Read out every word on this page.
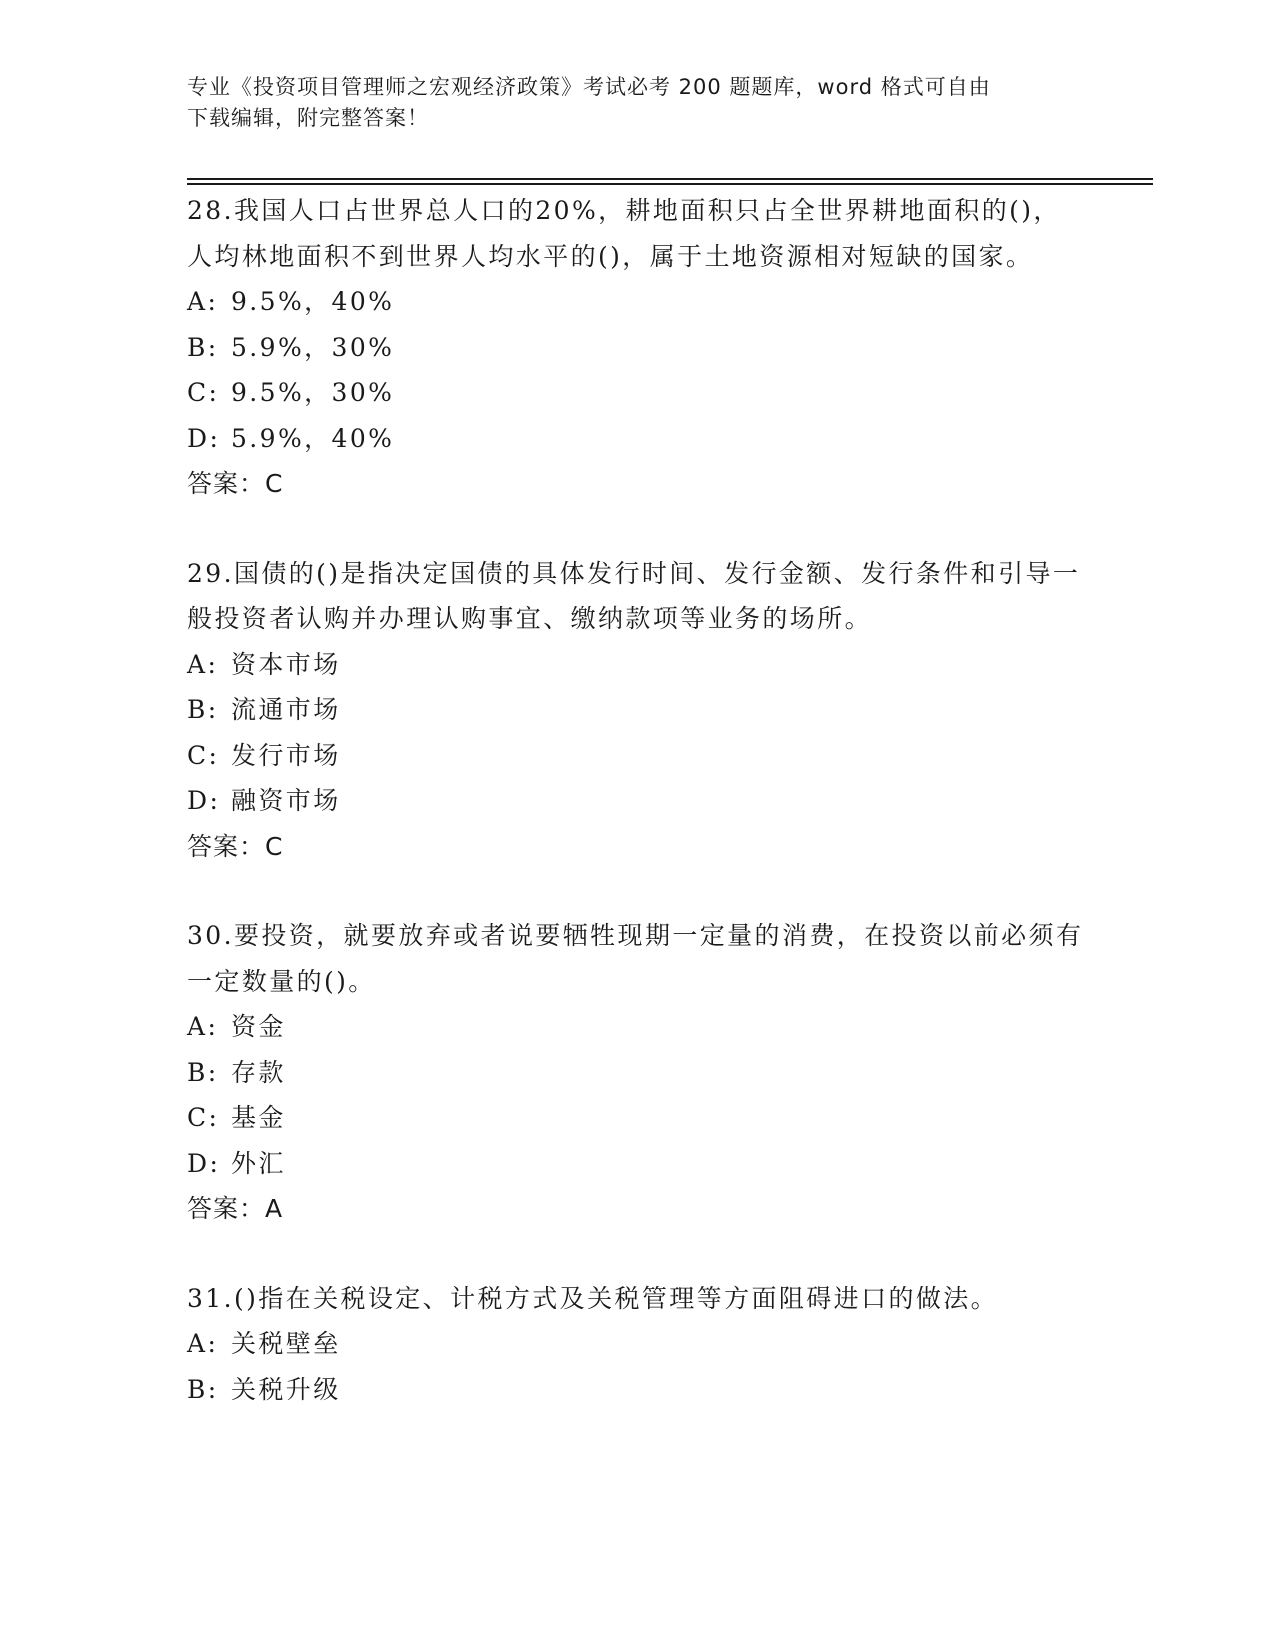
专业《投资项目管理师之宏观经济政策》考试必考 200 题题库，word 格式可自由
下载编辑，附完整答案！
28.我国人口占世界总人口的20%，耕地面积只占全世界耕地面积的()，人均林地面积不到世界人均水平的()，属于土地资源相对短缺的国家。
A: 9.5%，40%
B: 5.9%，30%
C: 9.5%，30%
D: 5.9%，40%
答案：C
29.国债的()是指决定国债的具体发行时间、发行金额、发行条件和引导一般投资者认购并办理认购事宜、缴纳款项等业务的场所。
A: 资本市场
B: 流通市场
C: 发行市场
D: 融资市场
答案：C
30.要投资，就要放弃或者说要牺牲现期一定量的消费，在投资以前必须有一定数量的()。
A: 资金
B: 存款
C: 基金
D: 外汇
答案：A
31.()指在关税设定、计税方式及关税管理等方面阻碍进口的做法。
A: 关税壁垒
B: 关税升级
